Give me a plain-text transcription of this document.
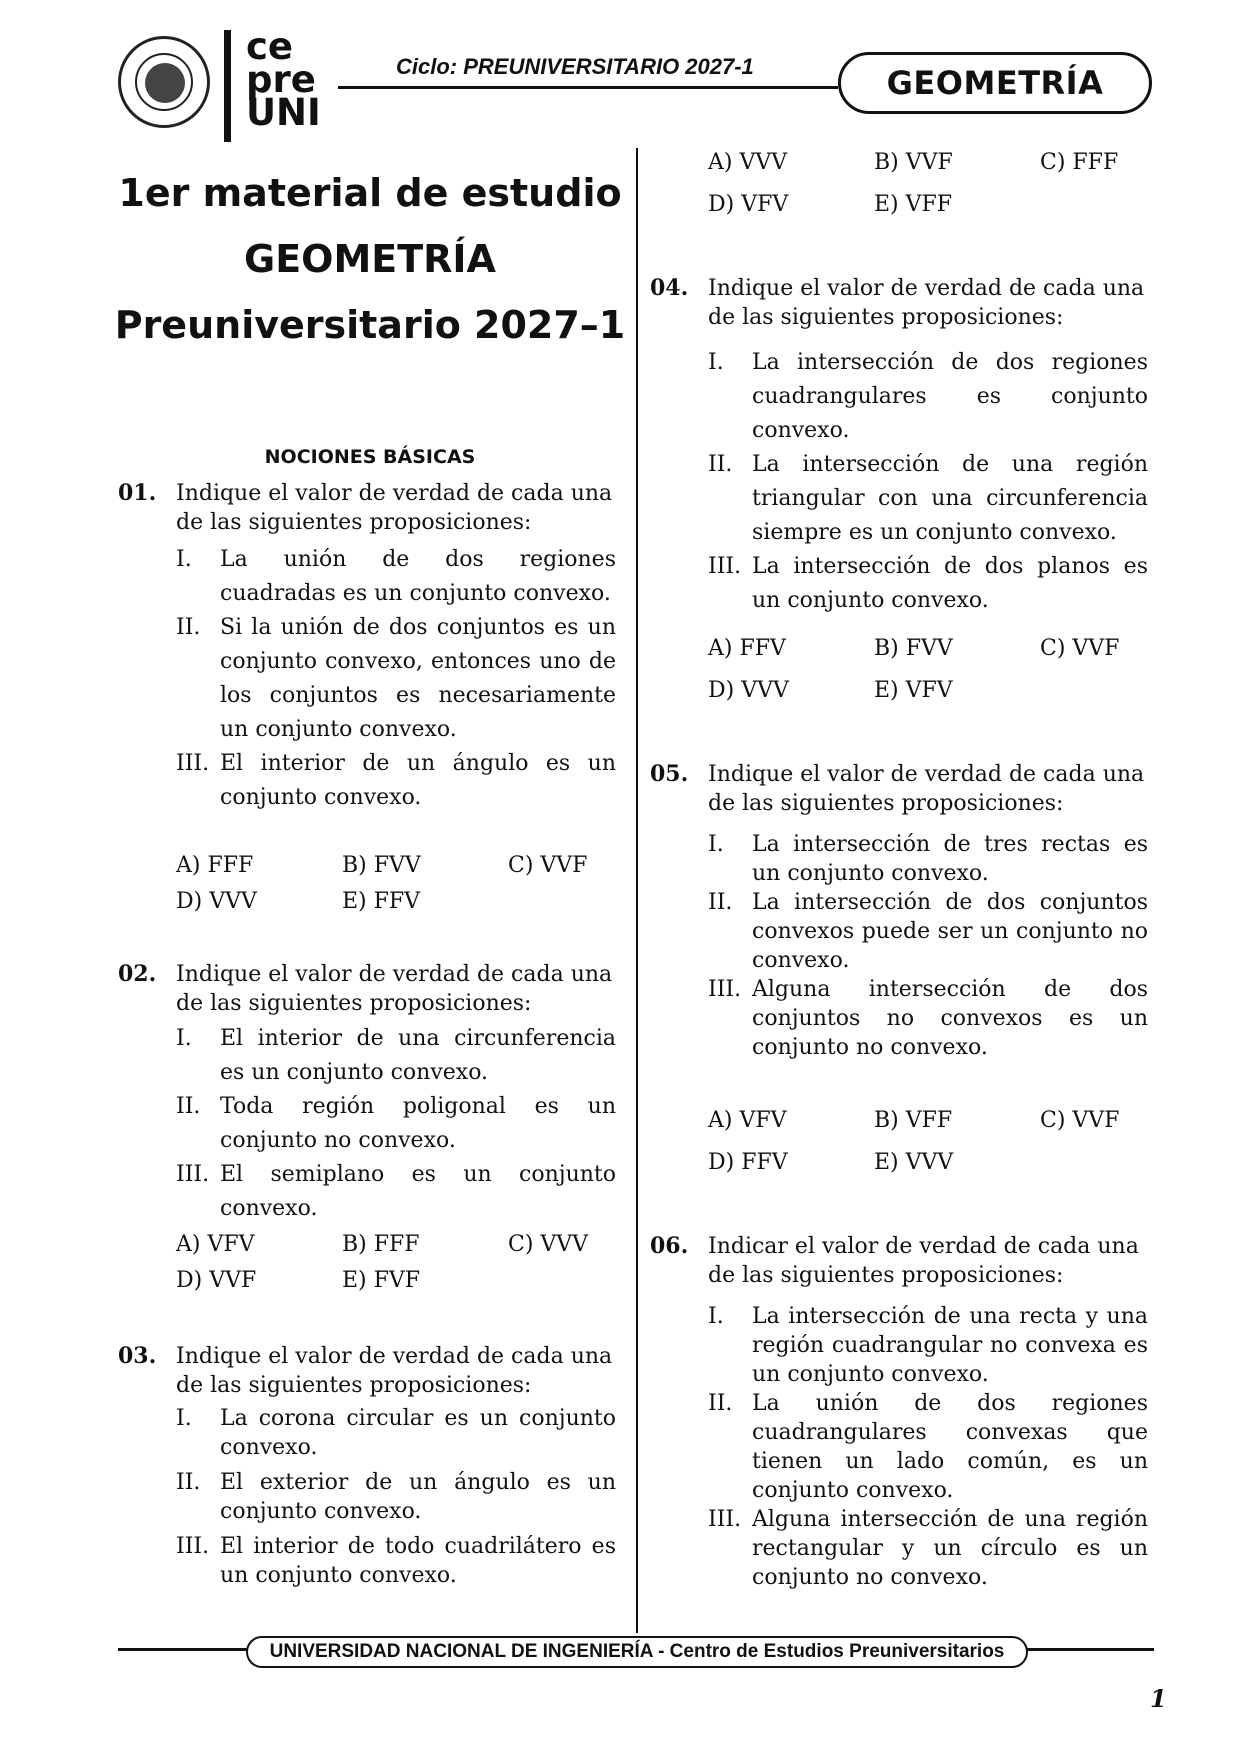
ce
pre
UNI
Ciclo: PREUNIVERSITARIO 2027-1	GEOMETRÍA
1er material de estudio
GEOMETRÍA
Preuniversitario 2027–1
NOCIONES BÁSICAS
01. Indique el valor de verdad de cada una de las siguientes proposiciones:
I. La unión de dos regiones cuadradas es un conjunto convexo.
II. Si la unión de dos conjuntos es un conjunto convexo, entonces uno de los conjuntos es necesariamente un conjunto convexo.
III. El interior de un ángulo es un conjunto convexo.
A) FFF	B) FVV	C) VVF
D) VVV	E) FFV
02. Indique el valor de verdad de cada una de las siguientes proposiciones:
I. El interior de una circunferencia es un conjunto convexo.
II. Toda región poligonal es un conjunto no convexo.
III. El semiplano es un conjunto convexo.
A) VFV	B) FFF	C) VVV
D) VVF	E) FVF
03. Indique el valor de verdad de cada una de las siguientes proposiciones:
I. La corona circular es un conjunto convexo.
II. El exterior de un ángulo es un conjunto convexo.
III. El interior de todo cuadrilátero es un conjunto convexo.
A) VVV	B) VVF	C) FFF
D) VFV	E) VFF
04. Indique el valor de verdad de cada una de las siguientes proposiciones:
I. La intersección de dos regiones cuadrangulares es conjunto convexo.
II. La intersección de una región triangular con una circunferencia siempre es un conjunto convexo.
III. La intersección de dos planos es un conjunto convexo.
A) FFV	B) FVV	C) VVF
D) VVV	E) VFV
05. Indique el valor de verdad de cada una de las siguientes proposiciones:
I. La intersección de tres rectas es un conjunto convexo.
II. La intersección de dos conjuntos convexos puede ser un conjunto no convexo.
III. Alguna intersección de dos conjuntos no convexos es un conjunto no convexo.
A) VFV	B) VFF	C) VVF
D) FFV	E) VVV
06. Indicar el valor de verdad de cada una de las siguientes proposiciones:
I. La intersección de una recta y una región cuadrangular no convexa es un conjunto convexo.
II. La unión de dos regiones cuadrangulares convexas que tienen un lado común, es un conjunto convexo.
III. Alguna intersección de una región rectangular y un círculo es un conjunto no convexo.
UNIVERSIDAD NACIONAL DE INGENIERÍA - Centro de Estudios Preuniversitarios
1
